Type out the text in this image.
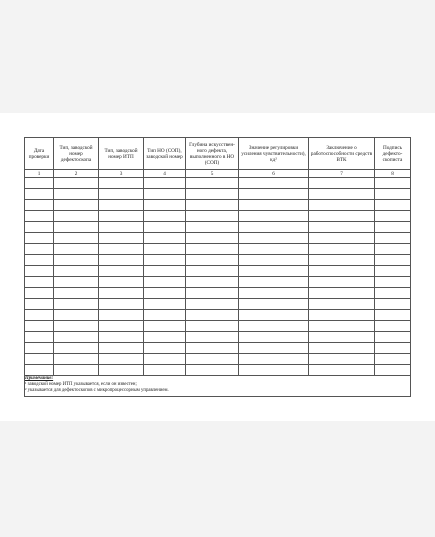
Дата проверки	Тип, заводской номер дефектоскопа	Тип, заводской номер ИТП	Тип НО (СОП), заводской номер	Глубина искусствен-ного дефекта, выполненного в НО (СОП)	Значение регулировки усиления чувствительности), кд²	Заключение о работоспособности средств ВТК	Подпись дефекто-скописта
1	2	3	4	5	6	7	8

Примечание:
¹ заводской номер ИТП указывается, если он известен;
² указывается для дефектоскопов с микропроцессорным управлением.							
